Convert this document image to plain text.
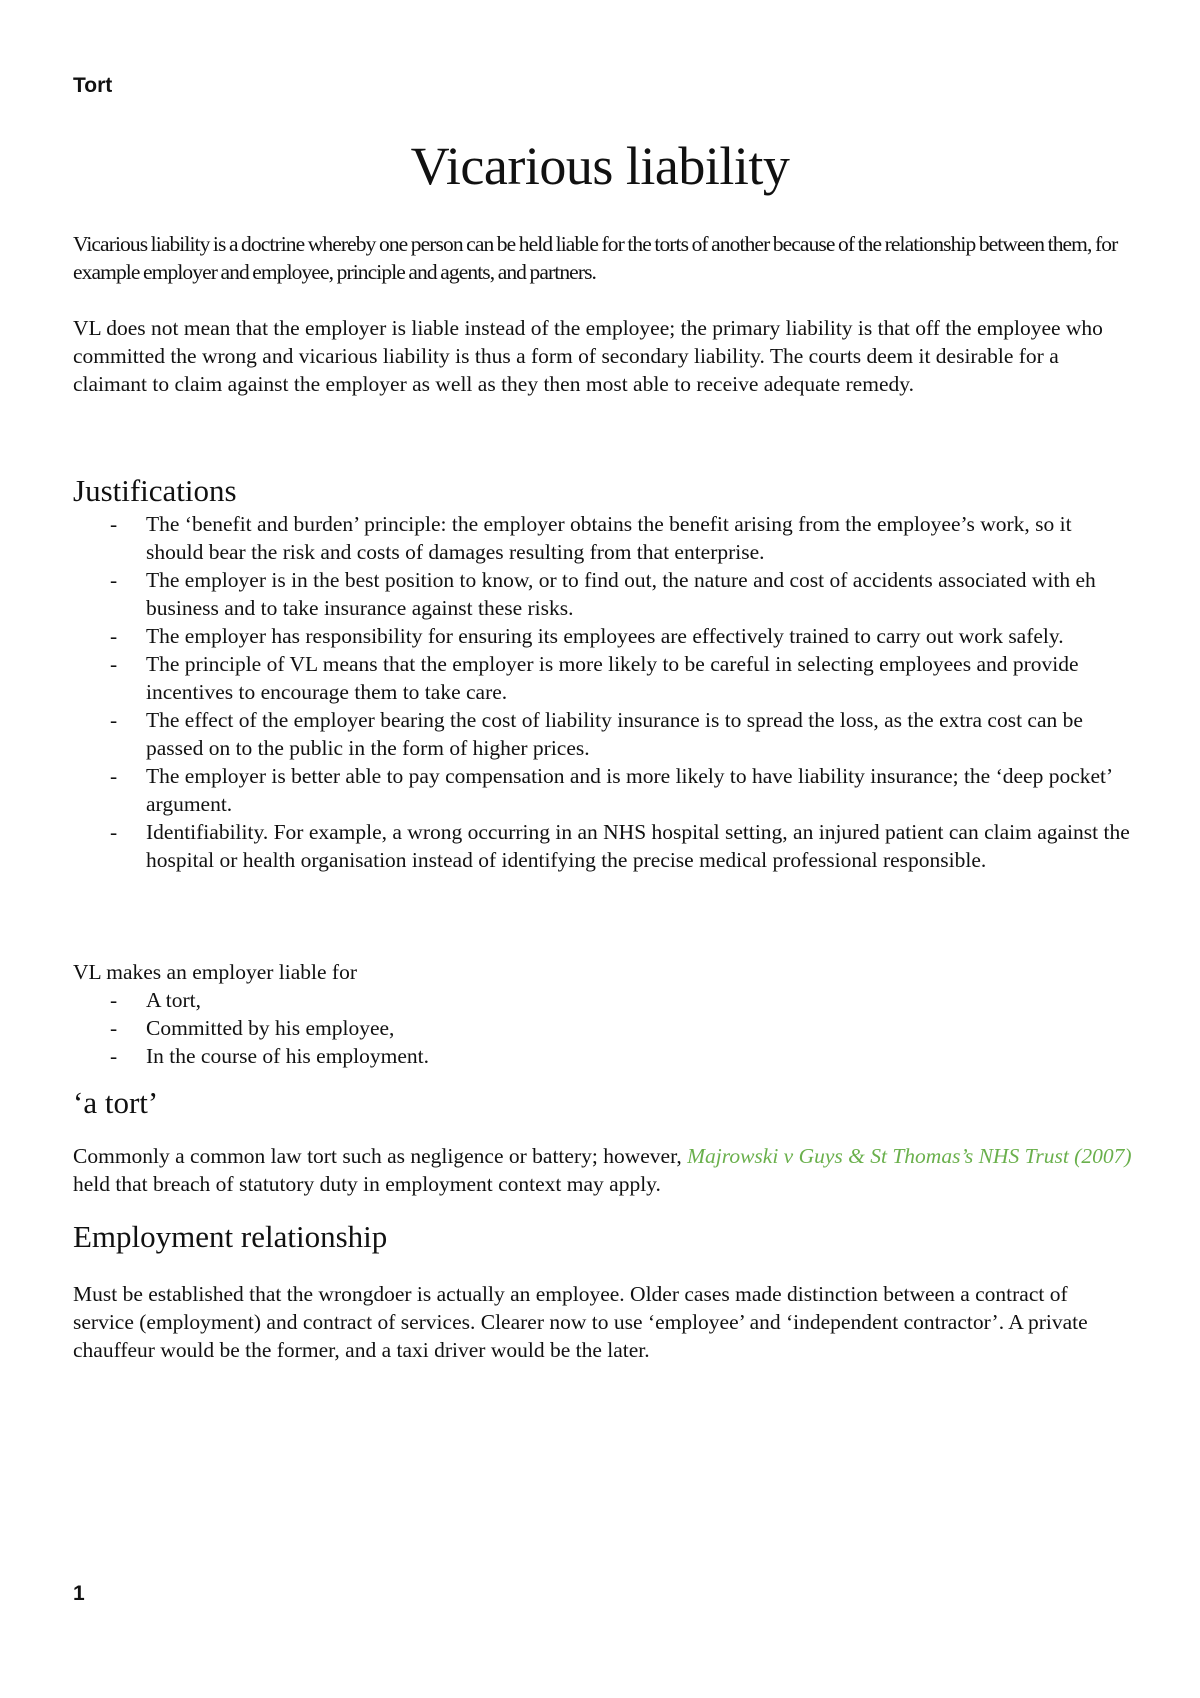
Tort
Vicarious liability

Vicarious liability is a doctrine whereby one person can be held liable for the torts of another because of the relationship between them, for example employer and employee, principle and agents, and partners.

VL does not mean that the employer is liable instead of the employee; the primary liability is that off the employee who committed the wrong and vicarious liability is thus a form of secondary liability. The courts deem it desirable for a claimant to claim against the employer as well as they then most able to receive adequate remedy.

Justifications
- The ‘benefit and burden’ principle: the employer obtains the benefit arising from the employee’s work, so it should bear the risk and costs of damages resulting from that enterprise.
- The employer is in the best position to know, or to find out, the nature and cost of accidents associated with eh business and to take insurance against these risks.
- The employer has responsibility for ensuring its employees are effectively trained to carry out work safely.
- The principle of VL means that the employer is more likely to be careful in selecting employees and provide incentives to encourage them to take care.
- The effect of the employer bearing the cost of liability insurance is to spread the loss, as the extra cost can be passed on to the public in the form of higher prices.
- The employer is better able to pay compensation and is more likely to have liability insurance; the ‘deep pocket’ argument.
- Identifiability. For example, a wrong occurring in an NHS hospital setting, an injured patient can claim against the hospital or health organisation instead of identifying the precise medical professional responsible.

VL makes an employer liable for

- A tort,
- Committed by his employee,
- In the course of his employment.
‘a tort’

Commonly a common law tort such as negligence or battery; however, Majrowski v Guys & St Thomas’s NHS Trust (2007) held that breach of statutory duty in employment context may apply.

Employment relationship

Must be established that the wrongdoer is actually an employee. Older cases made distinction between a contract of service (employment) and contract of services. Clearer now to use ‘employee’ and ‘independent contractor’. A private chauffeur would be the former, and a taxi driver would be the later.

1
